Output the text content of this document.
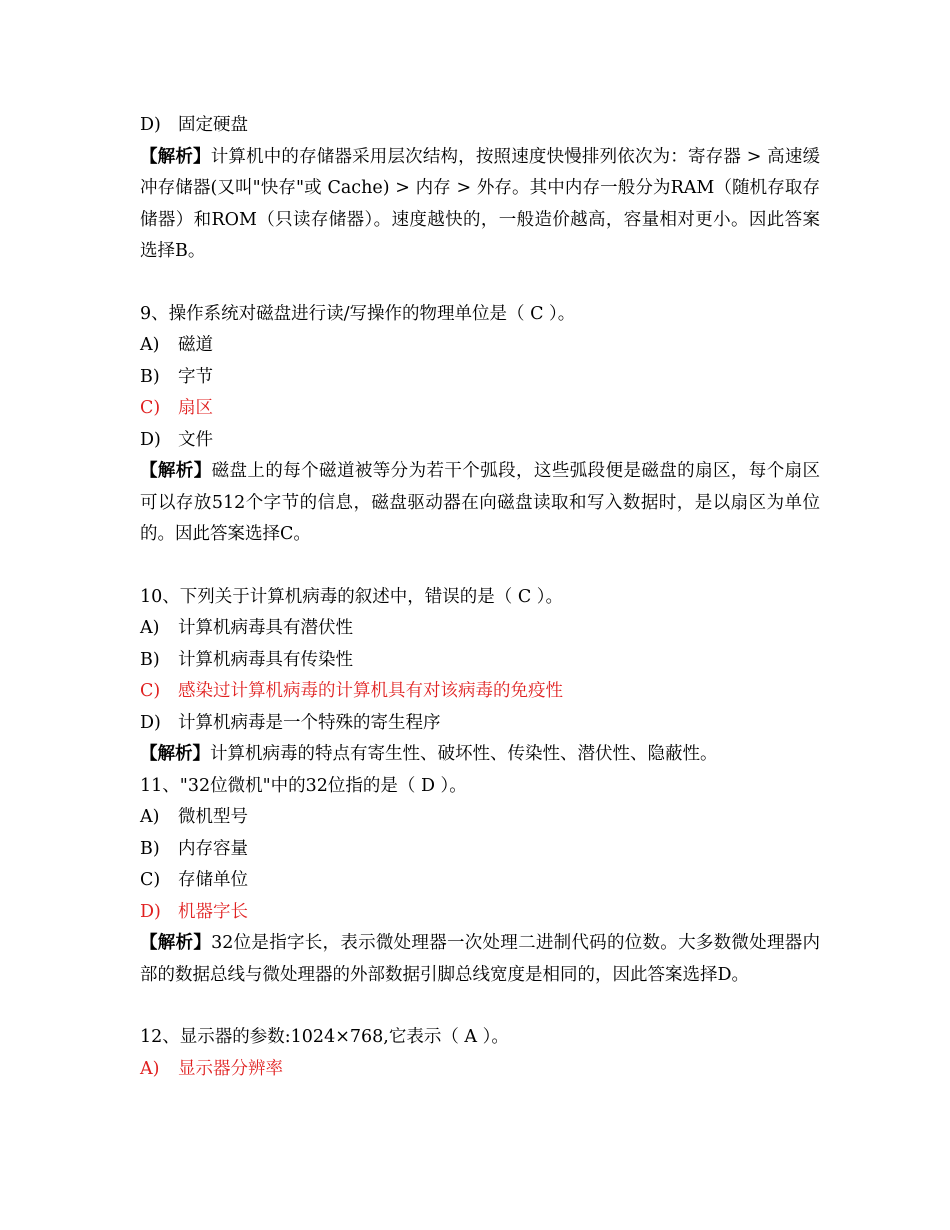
D) 固定硬盘
【解析】计算机中的存储器采用层次结构，按照速度快慢排列依次为：寄存器 > 高速缓冲存储器(又叫"快存"或 Cache) > 内存 > 外存。其中内存一般分为RAM（随机存取存储器）和ROM（只读存储器）。速度越快的，一般造价越高，容量相对更小。因此答案选择B。
9、操作系统对磁盘进行读/写操作的物理单位是（ C ）。
A)	磁道
B)	字节
C)	扇区
D) 文件
【解析】磁盘上的每个磁道被等分为若干个弧段，这些弧段便是磁盘的扇区，每个扇区可以存放512个字节的信息，磁盘驱动器在向磁盘读取和写入数据时，是以扇区为单位的。因此答案选择C。
10、下列关于计算机病毒的叙述中，错误的是（ C ）。
A)	计算机病毒具有潜伏性
B)	计算机病毒具有传染性
C)	感染过计算机病毒的计算机具有对该病毒的免疫性
D) 计算机病毒是一个特殊的寄生程序
【解析】计算机病毒的特点有寄生性、破坏性、传染性、潜伏性、隐蔽性。
11、"32位微机"中的32位指的是（ D ）。
A)	微机型号
B)	内存容量
C)	存储单位
D) 机器字长
【解析】32位是指字长，表示微处理器一次处理二进制代码的位数。大多数微处理器内部的数据总线与微处理器的外部数据引脚总线宽度是相同的，因此答案选择D。
12、显示器的参数:1024×768,它表示（ A ）。
A)	显示器分辨率
